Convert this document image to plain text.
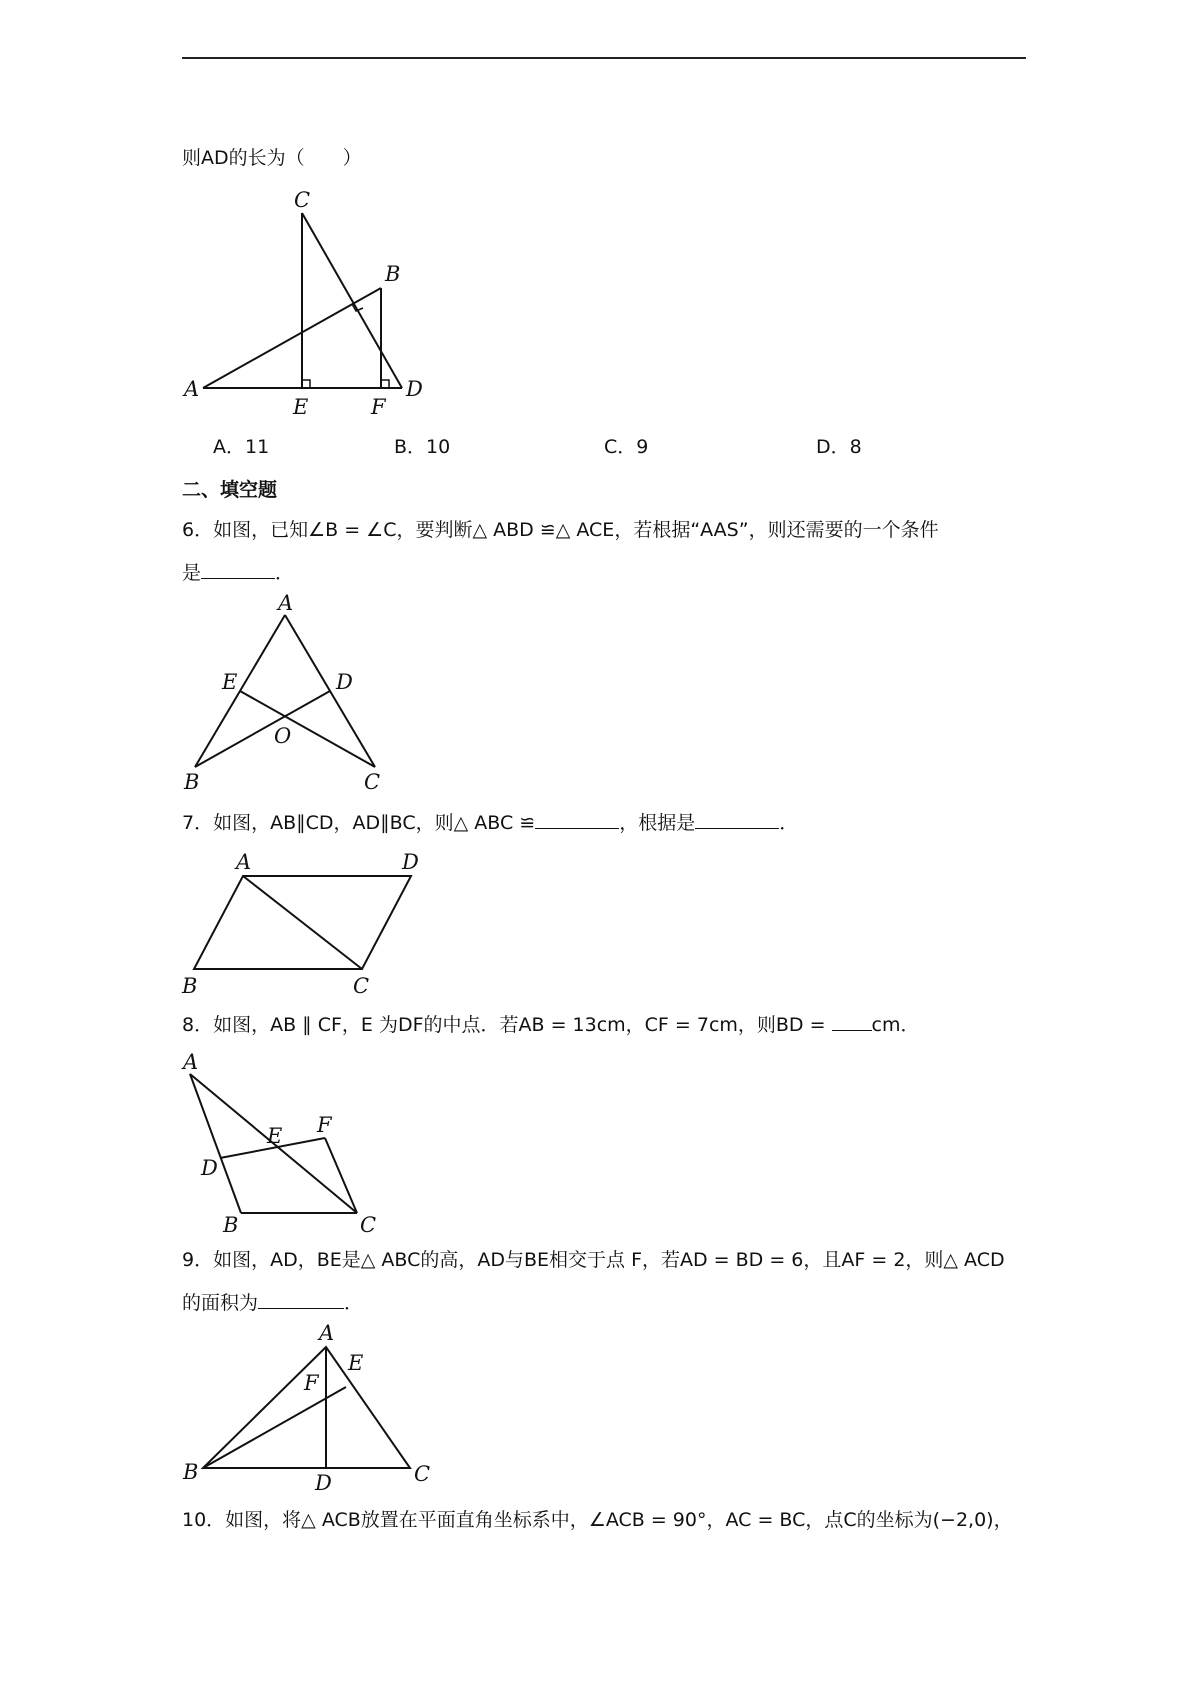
则AD的长为（　　）
C
B
A
E	F
D
A．11	B．10	C．9	D．8
二、填空题
6．如图，已知∠B = ∠C，要判断△ ABD ≌△ ACE，若根据“AAS”，则还需要的一个条件
是	．
A
E	D
O
B	C
7．如图，AB∥CD，AD∥BC，则△ ABC ≌	，根据是	．
A	D
B	C
8．如图，AB ∥ CF，E 为DF的中点．若AB = 13cm，CF = 7cm，则BD = cm．
A
E F
D
B	C
9．如图，AD，BE是△ ABC的高，AD与BE相交于点 F，若AD = BD = 6，且AF = 2，则△ ACD
的面积为	．
A
E
F
B	D	C
10．如图，将△ ACB放置在平面直角坐标系中，∠ACB = 90°，AC = BC，点C的坐标为(−2,0)，
